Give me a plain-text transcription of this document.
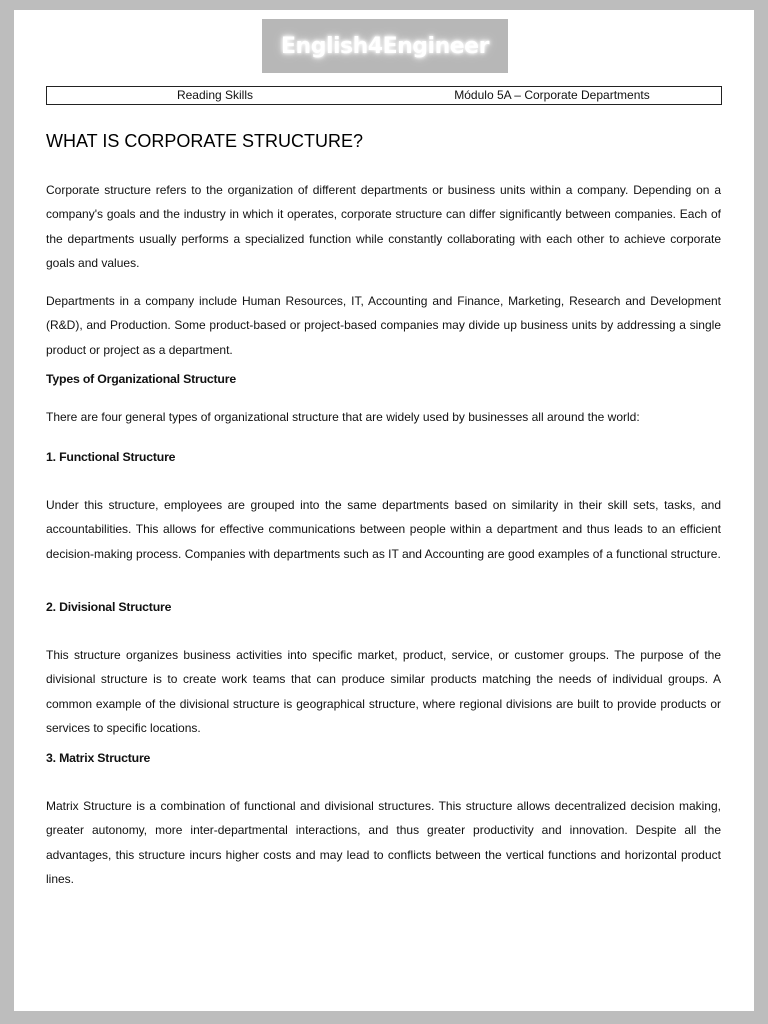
English4Engineer
Reading Skills	Módulo 5A – Corporate Departments
WHAT IS CORPORATE STRUCTURE?

Corporate structure refers to the organization of different departments or business units within a company. Depending on a company's goals and the industry in which it operates, corporate structure can differ significantly between companies. Each of the departments usually performs a specialized function while constantly collaborating with each other to achieve corporate goals and values.

Departments in a company include Human Resources, IT, Accounting and Finance, Marketing, Research and Development (R&D), and Production. Some product-based or project-based companies may divide up business units by addressing a single product or project as a department.

Types of Organizational Structure

There are four general types of organizational structure that are widely used by businesses all around the world:

1. Functional Structure

Under this structure, employees are grouped into the same departments based on similarity in their skill sets, tasks, and accountabilities. This allows for effective communications between people within a department and thus leads to an efficient decision-making process. Companies with departments such as IT and Accounting are good examples of a functional structure.

2. Divisional Structure

This structure organizes business activities into specific market, product, service, or customer groups. The purpose of the divisional structure is to create work teams that can produce similar products matching the needs of individual groups. A common example of the divisional structure is geographical structure, where regional divisions are built to provide products or services to specific locations.

3. Matrix Structure

Matrix Structure is a combination of functional and divisional structures. This structure allows decentralized decision making, greater autonomy, more inter-departmental interactions, and thus greater productivity and innovation. Despite all the advantages, this structure incurs higher costs and may lead to conflicts between the vertical functions and horizontal product lines.
